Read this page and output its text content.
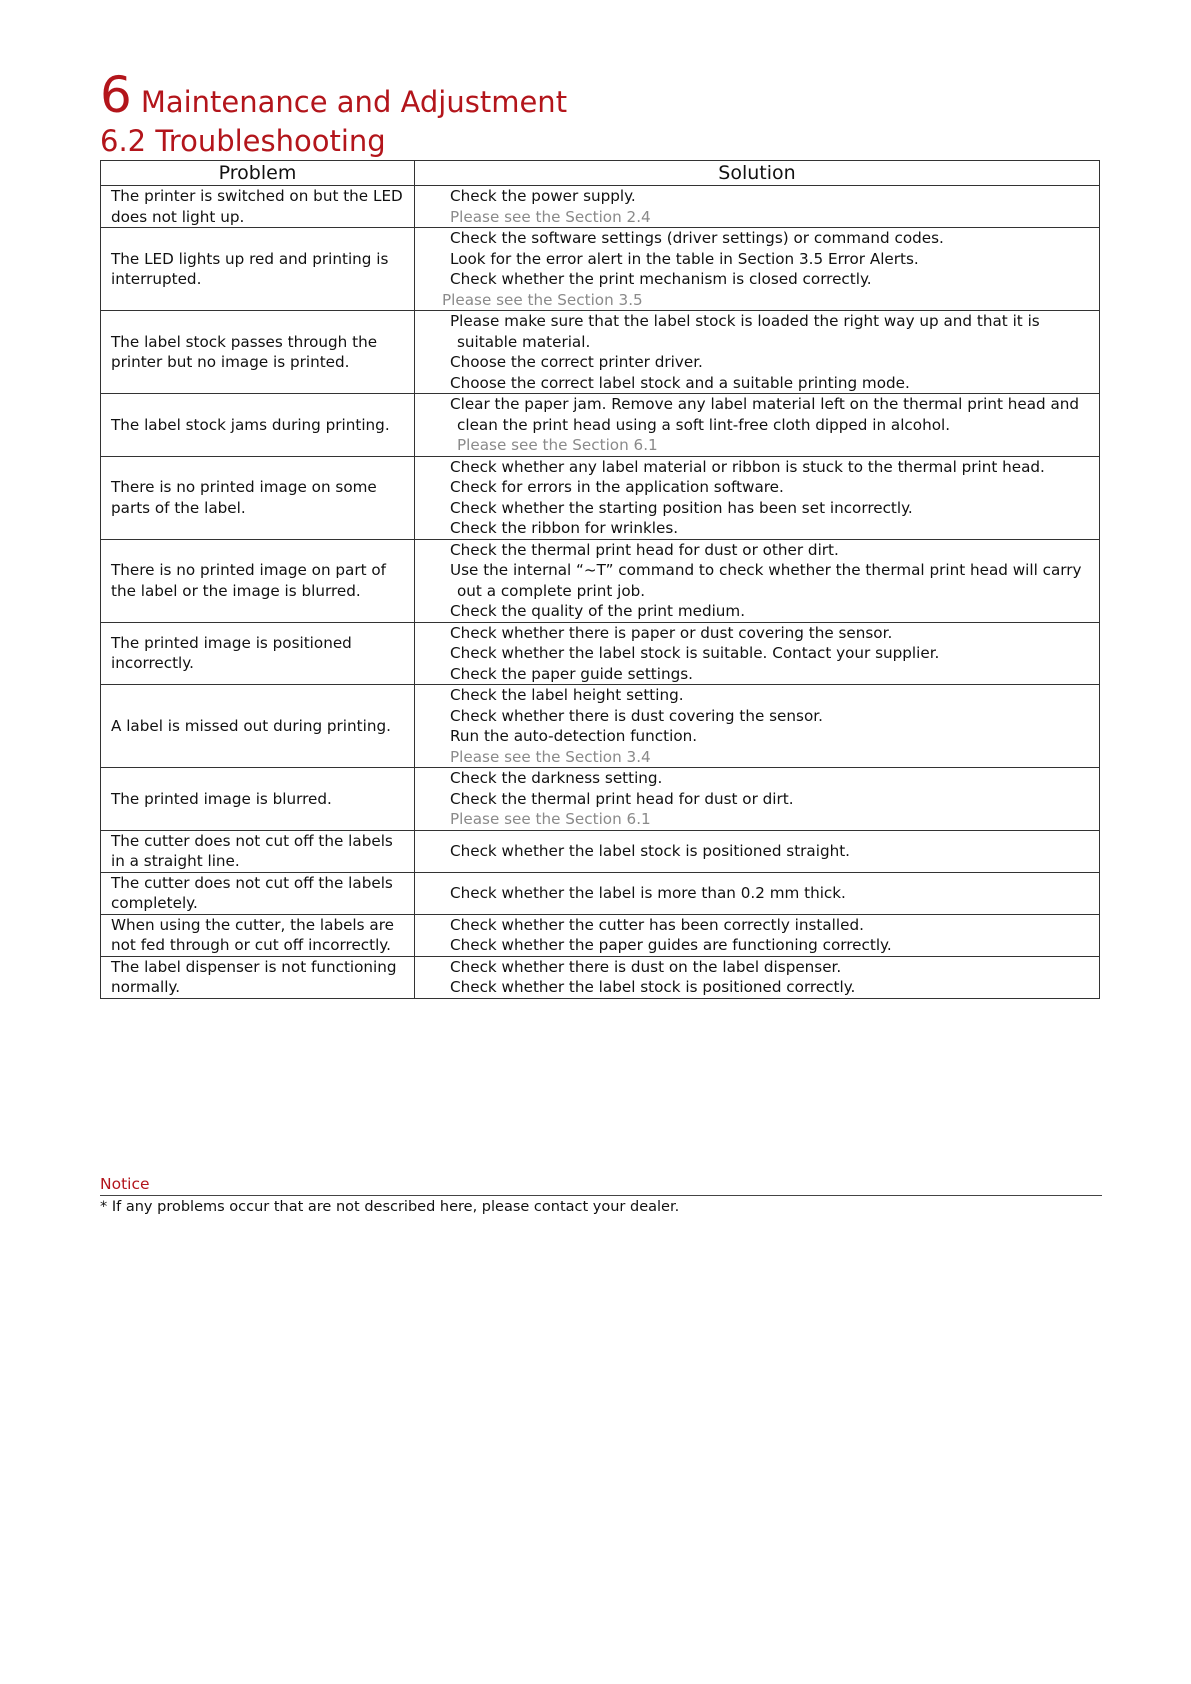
6 Maintenance and Adjustment
6.2 Troubleshooting
Problem	Solution
The printer is switched on but the LED does not light up.	Check the power supply.
Please see the Section 2.4

The LED lights up red and printing is interrupted.	Check the software settings (driver settings) or command codes.
Look for the error alert in the table in Section 3.5 Error Alerts.
Check whether the print mechanism is closed correctly.
Please see the Section 3.5

The label stock passes through the printer but no image is printed.	Please make sure that the label stock is loaded the right way up and that it is suitable material.
Choose the correct printer driver.
Choose the correct label stock and a suitable printing mode.

The label stock jams during printing.	Clear the paper jam. Remove any label material left on the thermal print head and clean the print head using a soft lint-free cloth dipped in alcohol.
Please see the Section 6.1

There is no printed image on some parts of the label.	Check whether any label material or ribbon is stuck to the thermal print head.
Check for errors in the application software.
Check whether the starting position has been set incorrectly.
Check the ribbon for wrinkles.

There is no printed image on part of the label or the image is blurred.	Check the thermal print head for dust or other dirt.
Use the internal “~T” command to check whether the thermal print head will carry out a complete print job.
Check the quality of the print medium.

The printed image is positioned incorrectly.	Check whether there is paper or dust covering the sensor.
Check whether the label stock is suitable. Contact your supplier.
Check the paper guide settings.

A label is missed out during printing.	Check the label height setting.
Check whether there is dust covering the sensor.
Run the auto-detection function.
Please see the Section 3.4

The printed image is blurred.	Check the darkness setting.
Check the thermal print head for dust or dirt.
Please see the Section 6.1

The cutter does not cut off the labels in a straight line.	Check whether the label stock is positioned straight.

The cutter does not cut off the labels completely.	Check whether the label is more than 0.2 mm thick.

When using the cutter, the labels are not fed through or cut off incorrectly.	Check whether the cutter has been correctly installed.
Check whether the paper guides are functioning correctly.

The label dispenser is not functioning normally.	Check whether there is dust on the label dispenser.
Check whether the label stock is positioned correctly.
Notice
* If any problems occur that are not described here, please contact your dealer.
